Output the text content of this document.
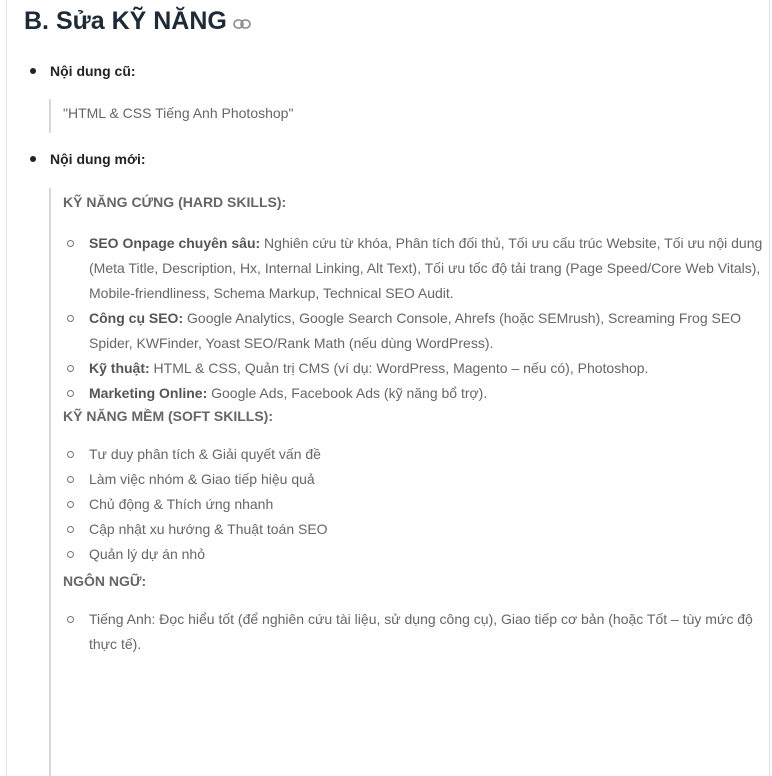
B. Sửa KỸ NĂNG
Nội dung cũ:
"HTML & CSS Tiếng Anh Photoshop"
Nội dung mới:

KỸ NĂNG CỨNG (HARD SKILLS):

SEO Onpage chuyên sâu: Nghiên cứu từ khóa, Phân tích đối thủ, Tối ưu cấu trúc Website, Tối ưu nội dung (Meta Title, Description, Hx, Internal Linking, Alt Text), Tối ưu tốc độ tải trang (Page Speed/Core Web Vitals), Mobile-friendliness, Schema Markup, Technical SEO Audit.
Công cụ SEO: Google Analytics, Google Search Console, Ahrefs (hoặc SEMrush), Screaming Frog SEO Spider, KWFinder, Yoast SEO/Rank Math (nếu dùng WordPress).
Kỹ thuật: HTML & CSS, Quản trị CMS (ví dụ: WordPress, Magento – nếu có), Photoshop.
Marketing Online: Google Ads, Facebook Ads (kỹ năng bổ trợ).

KỸ NĂNG MỀM (SOFT SKILLS):

Tư duy phân tích & Giải quyết vấn đề
Làm việc nhóm & Giao tiếp hiệu quả
Chủ động & Thích ứng nhanh
Cập nhật xu hướng & Thuật toán SEO
Quản lý dự án nhỏ

NGÔN NGỮ:

Tiếng Anh: Đọc hiểu tốt (để nghiên cứu tài liệu, sử dụng công cụ), Giao tiếp cơ bản (hoặc Tốt – tùy mức độ thực tế).
